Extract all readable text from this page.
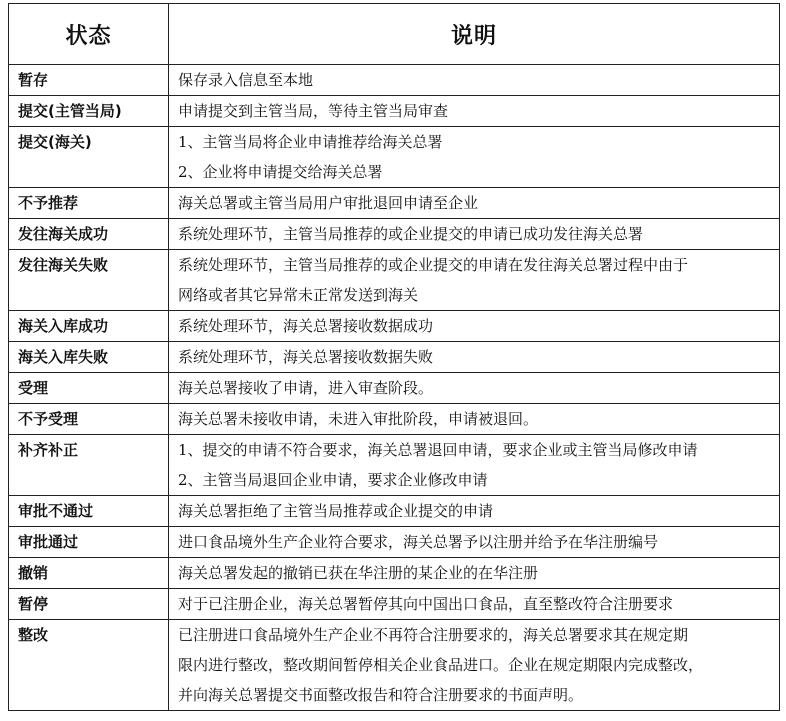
状态	说明
暂存	保存录入信息至本地

提交(主管当局)	申请提交到主管当局，等待主管当局审查

提交(海关)	1、主管当局将企业申请推荐给海关总署
2、企业将申请提交给海关总署

不予推荐	海关总署或主管当局用户审批退回申请至企业

发往海关成功	系统处理环节，主管当局推荐的或企业提交的申请已成功发往海关总署

发往海关失败	系统处理环节，主管当局推荐的或企业提交的申请在发往海关总署过程中由于
网络或者其它异常未正常发送到海关

海关入库成功	系统处理环节，海关总署接收数据成功

海关入库失败	系统处理环节，海关总署接收数据失败

受理	海关总署接收了申请，进入审查阶段。

不予受理	海关总署未接收申请，未进入审批阶段，申请被退回。

补齐补正	1、提交的申请不符合要求，海关总署退回申请，要求企业或主管当局修改申请
2、主管当局退回企业申请，要求企业修改申请

审批不通过	海关总署拒绝了主管当局推荐或企业提交的申请

审批通过	进口食品境外生产企业符合要求，海关总署予以注册并给予在华注册编号

撤销	海关总署发起的撤销已获在华注册的某企业的在华注册

暂停	对于已注册企业，海关总署暂停其向中国出口食品，直至整改符合注册要求

整改	已注册进口食品境外生产企业不再符合注册要求的，海关总署要求其在规定期
限内进行整改，整改期间暂停相关企业食品进口。企业在规定期限内完成整改，
并向海关总署提交书面整改报告和符合注册要求的书面声明。
